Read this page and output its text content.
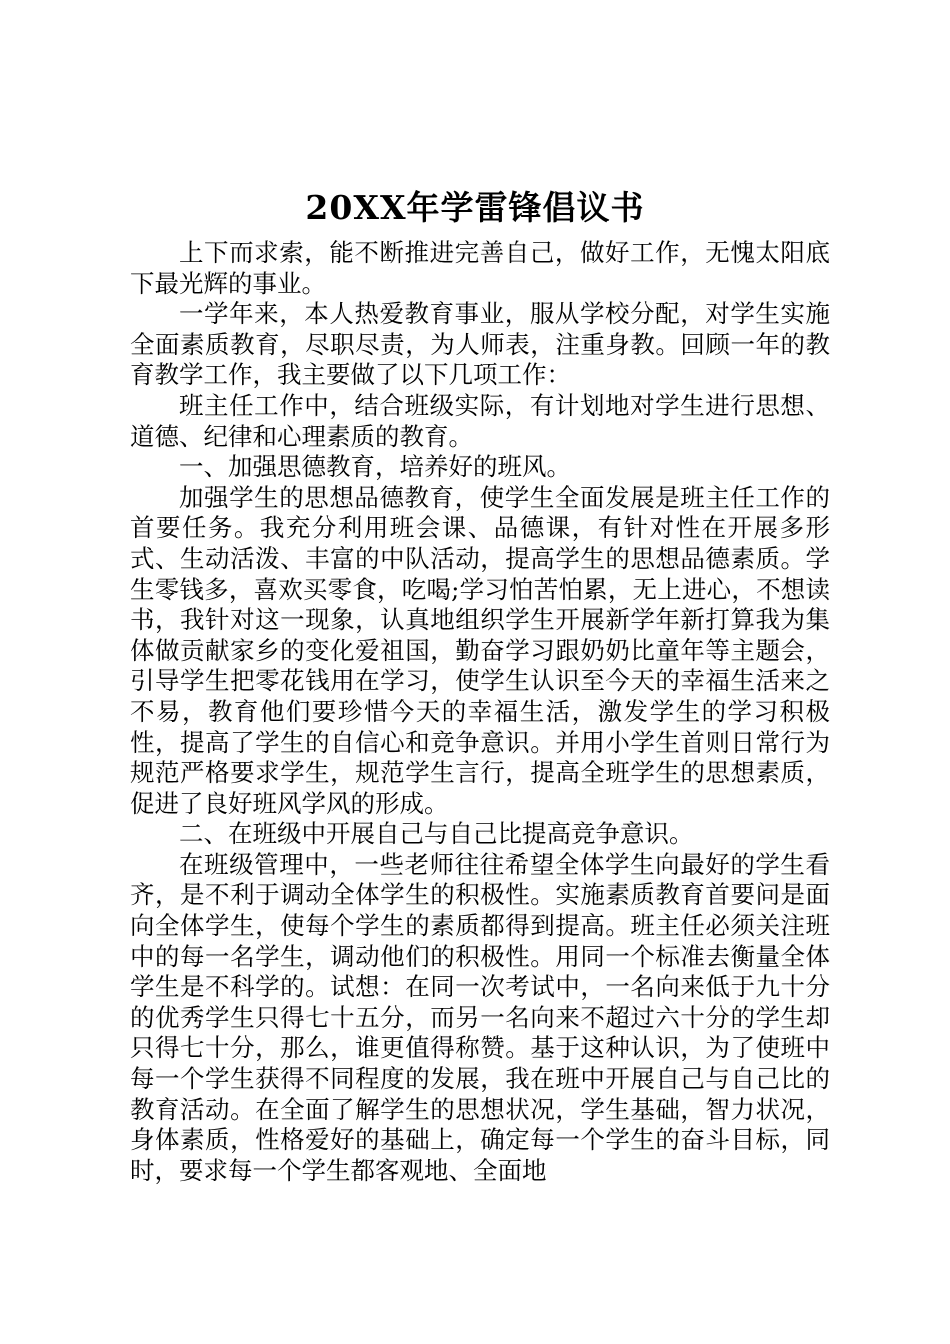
20XX年学雷锋倡议书

上下而求索，能不断推进完善自己，做好工作，无愧太阳底下最光辉的事业。

一学年来，本人热爱教育事业，服从学校分配，对学生实施全面素质教育，尽职尽责，为人师表，注重身教。回顾一年的教育教学工作，我主要做了以下几项工作：

班主任工作中，结合班级实际，有计划地对学生进行思想、道德、纪律和心理素质的教育。

一、加强思德教育，培养好的班风。

加强学生的思想品德教育，使学生全面发展是班主任工作的首要任务。我充分利用班会课、品德课，有针对性在开展多形式、生动活泼、丰富的中队活动，提高学生的思想品德素质。学生零钱多，喜欢买零食，吃喝;学习怕苦怕累，无上进心，不想读书，我针对这一现象，认真地组织学生开展新学年新打算我为集体做贡献家乡的变化爱祖国，勤奋学习跟奶奶比童年等主题会，引导学生把零花钱用在学习，使学生认识至今天的幸福生活来之不易，教育他们要珍惜今天的幸福生活，激发学生的学习积极性，提高了学生的自信心和竞争意识。并用小学生首则日常行为规范严格要求学生，规范学生言行，提高全班学生的思想素质，促进了良好班风学风的形成。

二、在班级中开展自己与自己比提高竞争意识。

在班级管理中，一些老师往往希望全体学生向最好的学生看齐，是不利于调动全体学生的积极性。实施素质教育首要问是面向全体学生，使每个学生的素质都得到提高。班主任必须关注班中的每一名学生，调动他们的积极性。用同一个标准去衡量全体学生是不科学的。试想：在同一次考试中，一名向来低于九十分的优秀学生只得七十五分，而另一名向来不超过六十分的学生却只得七十分，那么，谁更值得称赞。基于这种认识，为了使班中每一个学生获得不同程度的发展，我在班中开展自己与自己比的教育活动。在全面了解学生的思想状况，学生基础，智力状况，身体素质，性格爱好的基础上，确定每一个学生的奋斗目标，同时，要求每一个学生都客观地、全面地
